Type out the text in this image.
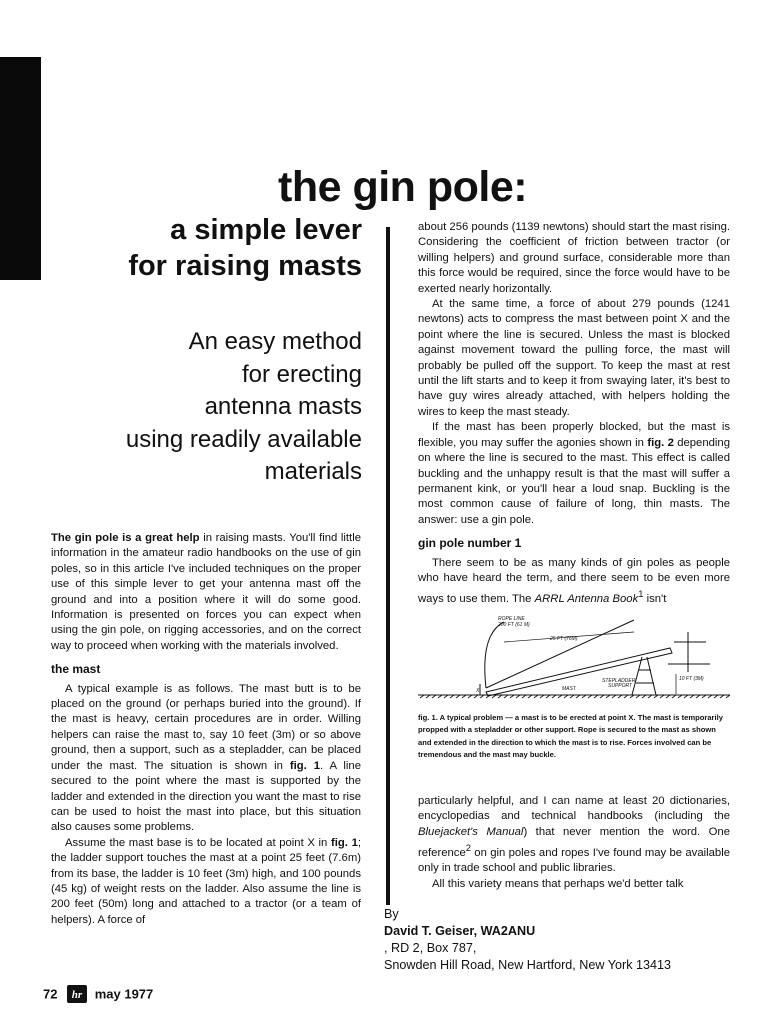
the gin pole:
a simple lever
for raising masts
An easy method
for erecting
antenna masts
using readily available
materials

The gin pole is a great help in raising masts. You'll find little information in the amateur radio handbooks on the use of gin poles, so in this article I've included techniques on the proper use of this simple lever to get your antenna mast off the ground and into a position where it will do some good. Information is presented on forces you can expect when using the gin pole, on rigging accessories, and on the correct way to proceed when working with the materials involved.

the mast

A typical example is as follows. The mast butt is to be placed on the ground (or perhaps buried into the ground). If the mast is heavy, certain procedures are in order. Willing helpers can raise the mast to, say 10 feet (3m) or so above ground, then a support, such as a stepladder, can be placed under the mast. The situation is shown in fig. 1. A line secured to the point where the mast is supported by the ladder and extended in the direction you want the mast to rise can be used to hoist the mast into place, but this situation also causes some problems.

Assume the mast base is to be located at point X in fig. 1; the ladder support touches the mast at a point 25 feet (7.6m) from its base, the ladder is 10 feet (3m) high, and 100 pounds (45 kg) of weight rests on the ladder. Also assume the line is 200 feet (50m) long and attached to a tractor (or a team of helpers). A force of

about 256 pounds (1139 newtons) should start the mast rising. Considering the coefficient of friction between tractor (or willing helpers) and ground surface, considerable more than this force would be required, since the force would have to be exerted nearly horizontally.

At the same time, a force of about 279 pounds (1241 newtons) acts to compress the mast between point X and the point where the line is secured. Unless the mast is blocked against movement toward the pulling force, the mast will probably be pulled off the support. To keep the mast at rest until the lift starts and to keep it from swaying later, it's best to have guy wires already attached, with helpers holding the wires to keep the mast steady.

If the mast has been properly blocked, but the mast is flexible, you may suffer the agonies shown in fig. 2 depending on where the line is secured to the mast. This effect is called buckling and the unhappy result is that the mast will suffer a permanent kink, or you'll hear a loud snap. Buckling is the most common cause of failure of long, thin masts. The answer: use a gin pole.

gin pole number 1

There seem to be as many kinds of gin poles as people who have heard the term, and there seem to be even more ways to use them. The ARRL Antenna Book$^1$ isn't

ROPE LINE
200 FT (61 M)
25 FT (76M)
STEPLADDER
SUPPORT
MAST
10 FT (3M)
X
fig. 1. A typical problem — a mast is to be erected at point X. The mast is temporarily propped with a stepladder or other support. Rope is secured to the mast as shown and extended in the direction to which the mast is to rise. Forces involved can be tremendous and the mast may buckle.

particularly helpful, and I can name at least 20 dictionaries, encyclopedias and technical handbooks (including the Bluejacket's Manual) that never mention the word. One reference$^2$ on gin poles and ropes I've found may be available only in trade school and public libraries.

All this variety means that perhaps we'd better talk

By
David T. Geiser, WA2ANU
, RD 2, Box 787,
Snowden Hill Road, New Hartford, New York 13413
72 hr may 1977
